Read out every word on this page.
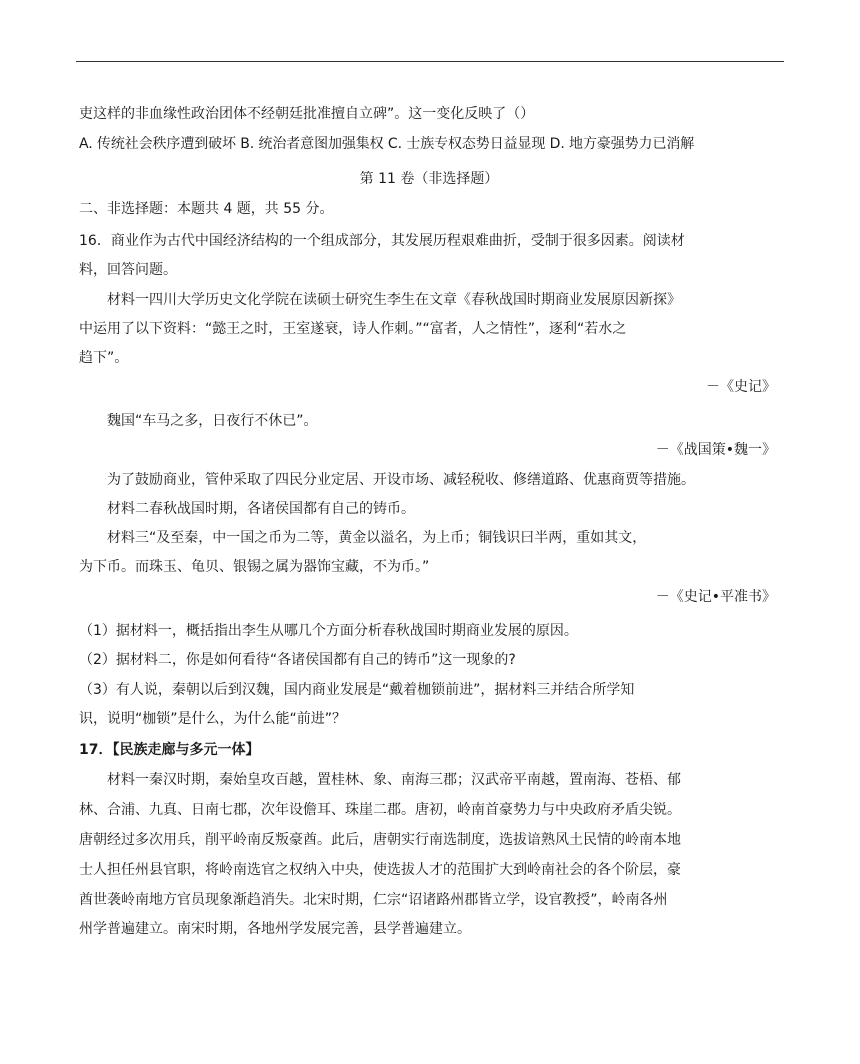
吏这样的非血缘性政治团体不经朝廷批准擅自立碑”。这一变化反映了（）
A. 传统社会秩序遭到破坏 B. 统治者意图加强集权 C. 士族专权态势日益显现 D. 地方豪强势力已消解
第 11 卷（非选择题）
二、非选择题：本题共 4 题，共 55 分。
16．商业作为古代中国经济结构的一个组成部分，其发展历程艰难曲折，受制于很多因素。阅读材
料，回答问题。
材料一四川大学历史文化学院在读硕士研究生李生在文章《春秋战国时期商业发展原因新探》
中运用了以下资料：“懿王之时，王室遂衰，诗人作刺。”“富者，人之情性”，逐利“若水之
趋下”。
－《史记》
魏国“车马之多，日夜行不休已”。
－《战国策•魏一》
为了鼓励商业，管仲采取了四民分业定居、开设市场、减轻税收、修缮道路、优惠商贾等措施。
材料二春秋战国时期，各诸侯国都有自己的铸币。
材料三“及至秦，中一国之币为二等，黄金以溢名，为上币；铜钱识曰半两，重如其文，
为下币。而珠玉、龟贝、银锡之属为器饰宝藏，不为币。”
－《史记•平准书》
（1）据材料一，概括指出李生从哪几个方面分析春秋战国时期商业发展的原因。
（2）据材料二，你是如何看待“各诸侯国都有自己的铸币”这一现象的?
（3）有人说，秦朝以后到汉魏，国内商业发展是“戴着枷锁前进”，据材料三并结合所学知
识，说明“枷锁”是什么，为什么能“前进”？
17．【民族走廊与多元一体】
材料一秦汉时期，秦始皇攻百越，置桂林、象、南海三郡；汉武帝平南越，置南海、苍梧、郁
林、合浦、九真、日南七郡，次年设儋耳、珠崖二郡。唐初，岭南首豪势力与中央政府矛盾尖锐。
唐朝经过多次用兵，削平岭南反叛豪酋。此后，唐朝实行南选制度，选拔谙熟风土民情的岭南本地
士人担任州县官职，将岭南选官之权纳入中央，使选拔人才的范围扩大到岭南社会的各个阶层，豪
酋世袭岭南地方官员现象渐趋消失。北宋时期，仁宗“诏诸路州郡皆立学，设官教授”，岭南各州
州学普遍建立。南宋时期，各地州学发展完善，县学普遍建立。
